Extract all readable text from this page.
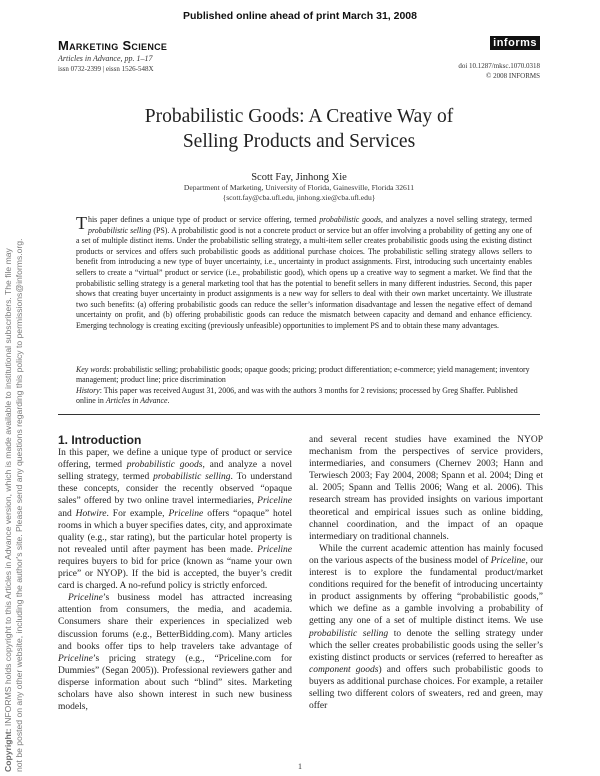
Published online ahead of print March 31, 2008
Copyright: INFORMS holds copyright to this Articles in Advance version, which is made available to institutional subscribers. The file may not be posted on any other website, including the author's site. Please send any questions regarding this policy to permissions@informs.org.
Marketing Science
Articles in Advance, pp. 1–17
issn 0732-2399 | eissn 1526-548X
informs
doi 10.1287/mksc.1070.0318
© 2008 INFORMS
Probabilistic Goods: A Creative Way of
Selling Products and Services
Scott Fay, Jinhong Xie
Department of Marketing, University of Florida, Gainesville, Florida 32611
{scott.fay@cba.ufl.edu, jinhong.xie@cba.ufl.edu}
This paper defines a unique type of product or service offering, termed probabilistic goods, and analyzes a novel selling strategy, termed probabilistic selling (PS). A probabilistic good is not a concrete product or service but an offer involving a probability of getting any one of a set of multiple distinct items. Under the probabilistic selling strategy, a multi-item seller creates probabilistic goods using the existing distinct products or services and offers such probabilistic goods as additional purchase choices. The probabilistic selling strategy allows sellers to benefit from introducing a new type of buyer uncertainty, i.e., uncertainty in product assignments. First, introducing such uncertainty enables sellers to create a “virtual” product or service (i.e., probabilistic good), which opens up a creative way to segment a market. We find that the probabilistic selling strategy is a general marketing tool that has the potential to benefit sellers in many different industries. Second, this paper shows that creating buyer uncertainty in product assignments is a new way for sellers to deal with their own market uncertainty. We illustrate two such benefits: (a) offering probabilistic goods can reduce the seller’s information disadvantage and lessen the negative effect of demand uncertainty on profit, and (b) offering probabilistic goods can reduce the mismatch between capacity and demand and enhance efficiency. Emerging technology is creating exciting (previously unfeasible) opportunities to implement PS and to obtain these many advantages.
Key words: probabilistic selling; probabilistic goods; opaque goods; pricing; product differentiation; e-commerce; yield management; inventory management; product line; price discrimination
History: This paper was received August 31, 2006, and was with the authors 3 months for 2 revisions; processed by Greg Shaffer. Published online in Articles in Advance.
1. Introduction

In this paper, we define a unique type of product or service offering, termed probabilistic goods, and analyze a novel selling strategy, termed probabilistic selling. To understand these concepts, consider the recently observed “opaque sales” offered by two online travel intermediaries, Priceline and Hotwire. For example, Priceline offers “opaque” hotel rooms in which a buyer specifies dates, city, and approximate quality (e.g., star rating), but the particular hotel property is not revealed until after payment has been made. Priceline requires buyers to bid for price (known as “name your own price” or NYOP). If the bid is accepted, the buyer’s credit card is charged. A no-refund policy is strictly enforced.

Priceline’s business model has attracted increasing attention from consumers, the media, and academia. Consumers share their experiences in specialized web discussion forums (e.g., BetterBidding.com). Many articles and books offer tips to help travelers take advantage of Priceline’s pricing strategy (e.g., “Priceline.com for Dummies” (Segan 2005)). Professional reviewers gather and disperse information about such “blind” sites. Marketing scholars have also shown interest in such new business models,

and several recent studies have examined the NYOP mechanism from the perspectives of service providers, intermediaries, and consumers (Chernev 2003; Hann and Terwiesch 2003; Fay 2004, 2008; Spann et al. 2004; Ding et al. 2005; Spann and Tellis 2006; Wang et al. 2006). This research stream has provided insights on various important theoretical and empirical issues such as online bidding, channel coordination, and the impact of an opaque intermediary on traditional channels.

While the current academic attention has mainly focused on the various aspects of the business model of Priceline, our interest is to explore the fundamental product/market conditions required for the benefit of introducing uncertainty in product assignments by offering “probabilistic goods,” which we define as a gamble involving a probability of getting any one of a set of multiple distinct items. We use probabilistic selling to denote the selling strategy under which the seller creates probabilistic goods using the seller’s existing distinct products or services (referred to hereafter as component goods) and offers such probabilistic goods to buyers as additional purchase choices. For example, a retailer selling two different colors of sweaters, red and green, may offer

1
